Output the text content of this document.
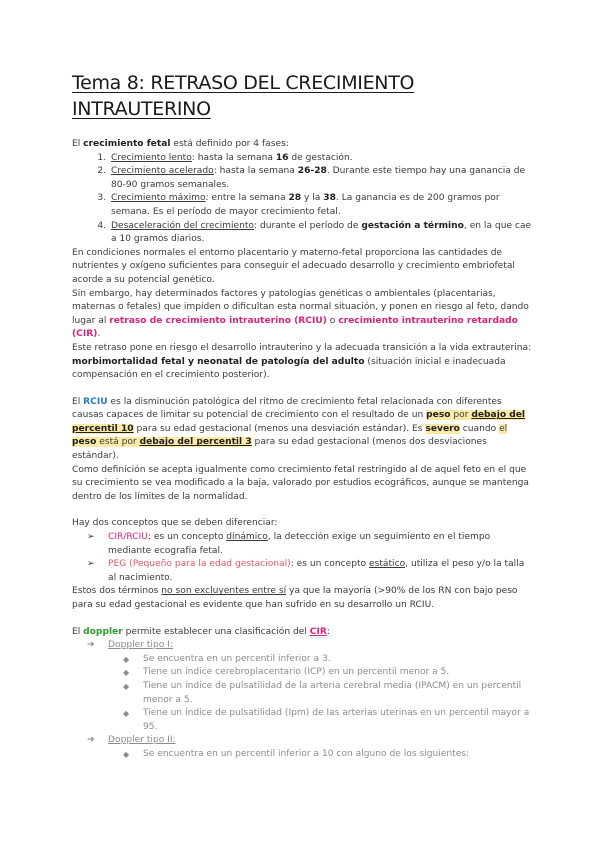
Tema 8: RETRASO DEL CRECIMIENTO INTRAUTERINO

El crecimiento fetal está definido por 4 fases:

1. Crecimiento lento: hasta la semana 16 de gestación.
2. Crecimiento acelerado: hasta la semana 26-28. Durante este tiempo hay una ganancia de 80-90 gramos semanales.
3. Crecimiento máximo: entre la semana 28 y la 38. La ganancia es de 200 gramos por semana. Es el período de mayor crecimiento fetal.
4. Desaceleración del crecimiento: durante el período de gestación a término, en la que cae a 10 gramos diarios.

En condiciones normales el entorno placentario y materno-fetal proporciona las cantidades de nutrientes y oxígeno suficientes para conseguir el adecuado desarrollo y crecimiento embriofetal acorde a su potencial genético.

Sin embargo, hay determinados factores y patologías genéticas o ambientales (placentarias, maternas o fetales) que impiden o dificultan esta normal situación, y ponen en riesgo al feto, dando lugar al retraso de crecimiento intrauterino (RCIU) o crecimiento intrauterino retardado (CIR).

Este retraso pone en riesgo el desarrollo intrauterino y la adecuada transición a la vida extrauterina: morbimortalidad fetal y neonatal de patología del adulto (situación inicial e inadecuada compensación en el crecimiento posterior).

El RCIU es la disminución patológica del ritmo de crecimiento fetal relacionada con diferentes causas capaces de limitar su potencial de crecimiento con el resultado de un peso por debajo del percentil 10 para su edad gestacional (menos una desviación estándar). Es severo cuando el peso está por debajo del percentil 3 para su edad gestacional (menos dos desviaciones estándar).

Como definición se acepta igualmente como crecimiento fetal restringido al de aquel feto en el que su crecimiento se vea modificado a la baja, valorado por estudios ecográficos, aunque se mantenga dentro de los límites de la normalidad.

Hay dos conceptos que se deben diferenciar:

➢ CIR/RCIU: es un concepto dinámico, la detección exige un seguimiento en el tiempo mediante ecografía fetal.
➢ PEG (Pequeño para la edad gestacional): es un concepto estático, utiliza el peso y/o la talla al nacimiento.

Estos dos términos no son excluyentes entre sí ya que la mayoría (>90% de los RN con bajo peso para su edad gestacional es evidente que han sufrido en su desarrollo un RCIU.

El doppler permite establecer una clasificación del CIR:

➔ Doppler tipo I:
◆ Se encuentra en un percentil inferior a 3.
◆ Tiene un índice cerebroplacentario (ICP) en un percentil menor a 5.
◆ Tiene un índice de pulsatilidad de la arteria cerebral media (IPACM) en un percentil menor a 5.
◆ Tiene un índice de pulsatilidad (Ipm) de las arterias uterinas en un percentil mayor a 95.
➔ Doppler tipo II:
◆ Se encuentra en un percentil inferior a 10 con alguno de los siguientes:
